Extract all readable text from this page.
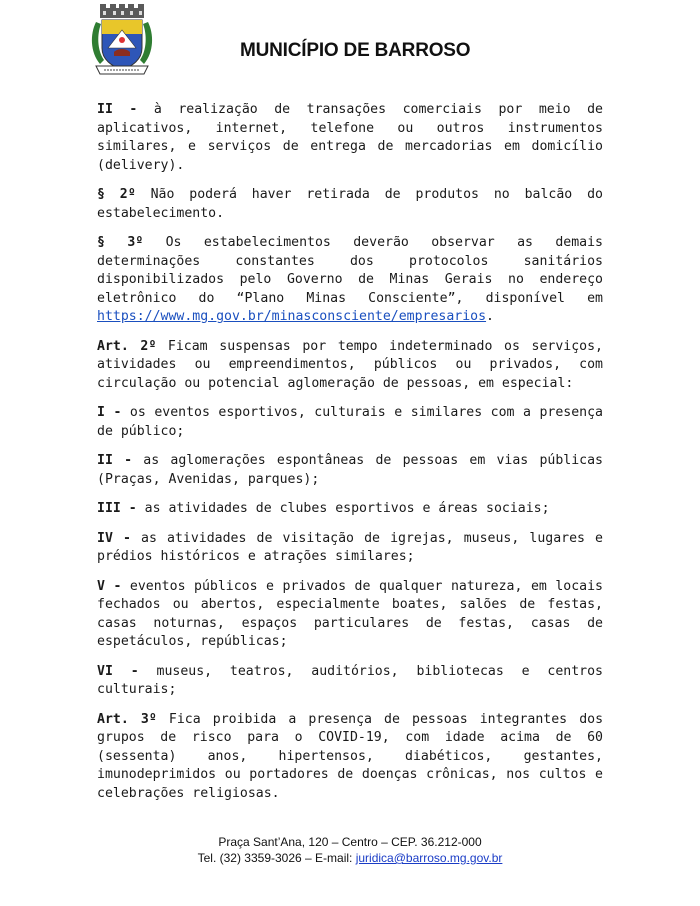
MUNICÍPIO DE BARROSO

II - à realização de transações comerciais por meio de aplicativos, internet, telefone ou outros instrumentos similares, e serviços de entrega de mercadorias em domicílio (delivery).

§ 2º Não poderá haver retirada de produtos no balcão do estabelecimento.

§ 3º Os estabelecimentos deverão observar as demais determinações constantes dos protocolos sanitários disponibilizados pelo Governo de Minas Gerais no endereço eletrônico do “Plano Minas Consciente”, disponível em https://www.mg.gov.br/minasconsciente/empresarios.

Art. 2º Ficam suspensas por tempo indeterminado os serviços, atividades ou empreendimentos, públicos ou privados, com circulação ou potencial aglomeração de pessoas, em especial:

I - os eventos esportivos, culturais e similares com a presença de público;

II - as aglomerações espontâneas de pessoas em vias públicas (Praças, Avenidas, parques);

III - as atividades de clubes esportivos e áreas sociais;

IV - as atividades de visitação de igrejas, museus, lugares e prédios históricos e atrações similares;

V - eventos públicos e privados de qualquer natureza, em locais fechados ou abertos, especialmente boates, salões de festas, casas noturnas, espaços particulares de festas, casas de espetáculos, repúblicas;

VI - museus, teatros, auditórios, bibliotecas e centros culturais;

Art. 3º Fica proibida a presença de pessoas integrantes dos grupos de risco para o COVID-19, com idade acima de 60 (sessenta) anos, hipertensos, diabéticos, gestantes, imunodeprimidos ou portadores de doenças crônicas, nos cultos e celebrações religiosas.

Praça Sant’Ana, 120 – Centro – CEP. 36.212-000
Tel. (32) 3359-3026 – E-mail: juridica@barroso.mg.gov.br
